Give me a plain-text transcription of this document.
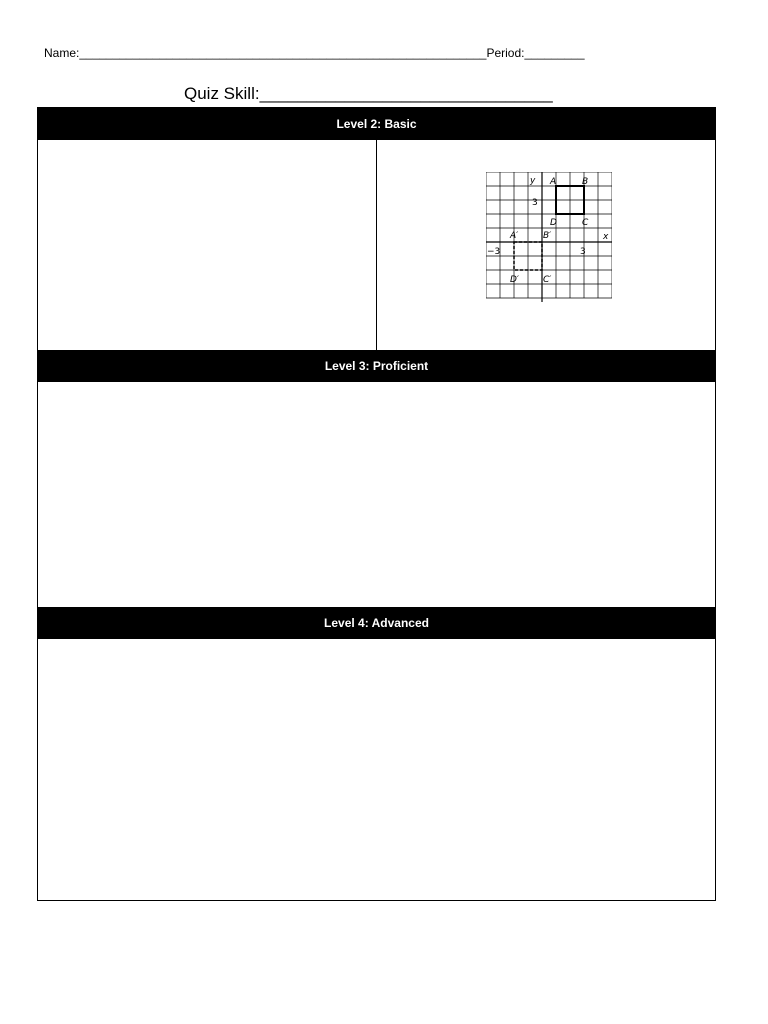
Name:_____________________________________________________________Period:_________
Quiz Skill:_______________________________
Level 2: Basic
y
x
A	B
C
D
A′	B′
C′
D′
3
3
−3
Level 3: Proficient
Level 4: Advanced
